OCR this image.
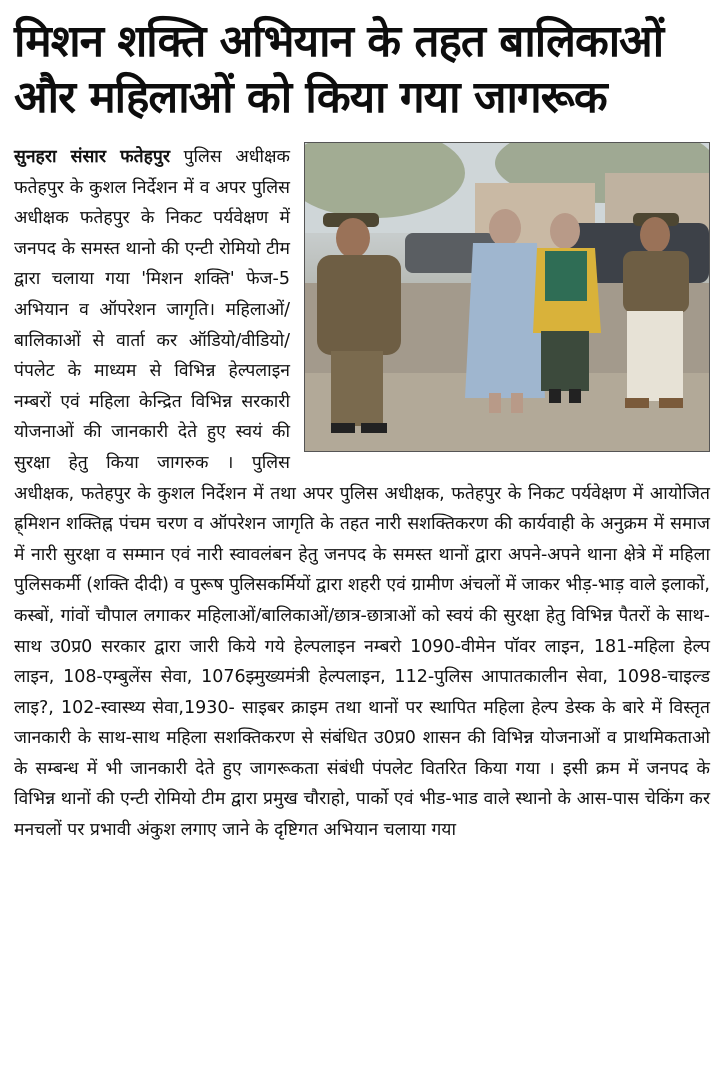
मिशन शक्ति अभियान के तहत बालिकाओं
और महिलाओं को किया गया जागरूक

सुनहरा संसार फतेहपुर पुलिस अधीक्षक फतेहपुर के कुशल निर्देशन में व अपर पुलिस अधीक्षक फतेहपुर के निकट पर्यवेक्षण में जनपद के समस्त थानो की एन्टी रोमियो टीम द्वारा चलाया गया 'मिशन शक्ति' फेज-5 अभियान व ऑपरेशन जागृति। महिलाओं/बालिकाओं से वार्ता कर ऑडियो/वीडियो/पंपलेट के माध्यम से विभिन्न हेल्पलाइन नम्बरों एवं महिला केन्द्रित विभिन्न सरकारी योजनाओं की जानकारी देते हुए स्वयं की सुरक्षा हेतु किया जागरुक । पुलिस अधीक्षक, फतेहपुर के कुशल निर्देशन में तथा अपर पुलिस अधीक्षक, फतेहपुर के निकट पर्यवेक्षण में आयोजित ह्र्मिशन शक्तिह्न पंचम चरण व ऑपरेशन जागृति के तहत नारी सशक्तिकरण की कार्यवाही के अनुक्रम में समाज में नारी सुरक्षा व सम्मान एवं नारी स्वावलंबन हेतु जनपद के समस्त थानों द्वारा अपने-अपने थाना क्षेत्रे में महिला पुलिसकर्मी (शक्ति दीदी) व पुरूष पुलिसकर्मियों द्वारा शहरी एवं ग्रामीण अंचलों में जाकर भीड़-भाड़ वाले इलाकों, कस्बों, गांवों चौपाल लगाकर महिलाओं/बालिकाओं/छात्र-छात्राओं को स्वयं की सुरक्षा हेतु विभिन्न पैतरों के साथ-साथ उ0प्र0 सरकार द्वारा जारी किये गये हेल्पलाइन नम्बरो 1090-वीमेन पॉवर लाइन, 181-महिला हेल्प लाइन, 108-एम्बुलेंस सेवा, 1076झ्मुख्यमंत्री हेल्पलाइन, 112-पुलिस आपातकालीन सेवा, 1098-चाइल्ड लाइ?, 102-स्वास्थ्य सेवा,1930- साइबर क्राइम तथा थानों पर स्थापित महिला हेल्प डेस्क के बारे में विस्तृत जानकारी के साथ-साथ महिला सशक्तिकरण से संबंधित उ0प्र0 शासन की विभिन्न योजनाओं व प्राथमिकताओ के सम्बन्ध में भी जानकारी देते हुए जागरूकता संबंधी पंपलेट वितरित किया गया । इसी क्रम में जनपद के विभिन्न थानों की एन्टी रोमियो टीम द्वारा प्रमुख चौराहो, पार्को एवं भीड-भाड वाले स्थानो के आस-पास चेकिंग कर मनचलों पर प्रभावी अंकुश लगाए जाने के दृष्टिगत अभियान चलाया गया
